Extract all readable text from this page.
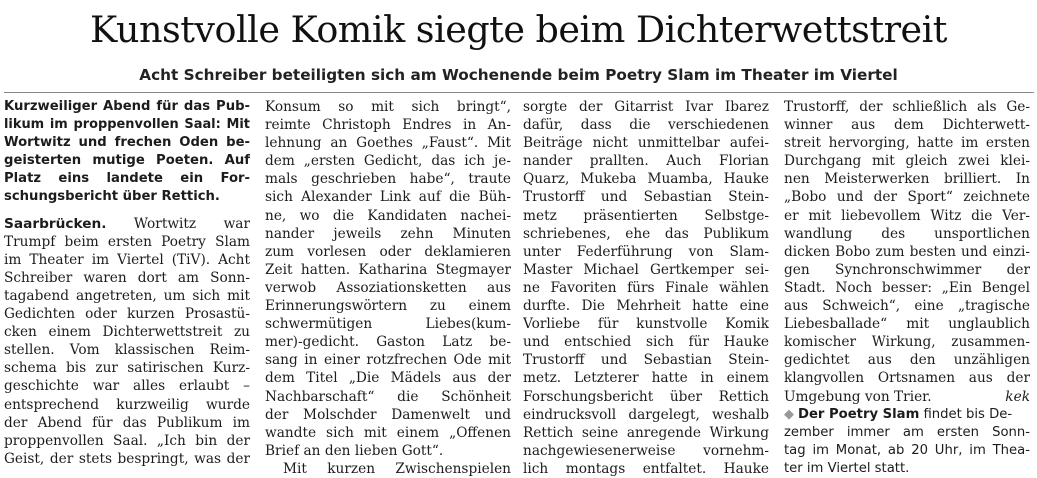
Kunstvolle Komik siegte beim Dichterwettstreit
Acht Schreiber beteiligten sich am Wochenende beim Poetry Slam im Theater im Viertel
Kurzweiliger Abend für das Pub-
likum im proppenvollen Saal: Mit
Wortwitz und frechen Oden be-
geisterten mutige Poeten. Auf
Platz eins landete ein For-
schungsbericht über Rettich.
Saarbrücken. Wortwitz war
Trumpf beim ersten Poetry Slam
im Theater im Viertel (TiV). Acht
Schreiber waren dort am Sonn-
tagabend angetreten, um sich mit
Gedichten oder kurzen Prosastü-
cken einem Dichterwettstreit zu
stellen. Vom klassischen Reim-
schema bis zur satirischen Kurz-
geschichte war alles erlaubt –
entsprechend kurzweilig wurde
der Abend für das Publikum im
proppenvollen Saal. „Ich bin der
Geist, der stets bespringt, was der
Konsum so mit sich bringt“,
reimte Christoph Endres in An-
lehnung an Goethes „Faust“. Mit
dem „ersten Gedicht, das ich je-
mals geschrieben habe“, traute
sich Alexander Link auf die Büh-
ne, wo die Kandidaten nachei-
nander jeweils zehn Minuten
zum vorlesen oder deklamieren
Zeit hatten. Katharina Stegmayer
verwob Assoziationsketten aus
Erinnerungswörtern zu einem
schwermütigen Liebes(kum-
mer)-gedicht. Gaston Latz be-
sang in einer rotzfrechen Ode mit
dem Titel „Die Mädels aus der
Nachbarschaft“ die Schönheit
der Molschder Damenwelt und
wandte sich mit einem „Offenen
Brief an den lieben Gott“.
Mit kurzen Zwischenspielen
sorgte der Gitarrist Ivar Ibarez
dafür, dass die verschiedenen
Beiträge nicht unmittelbar aufei-
nander prallten. Auch Florian
Quarz, Mukeba Muamba, Hauke
Trustorff und Sebastian Stein-
metz präsentierten Selbstge-
schriebenes, ehe das Publikum
unter Federführung von Slam-
Master Michael Gertkemper sei-
ne Favoriten fürs Finale wählen
durfte. Die Mehrheit hatte eine
Vorliebe für kunstvolle Komik
und entschied sich für Hauke
Trustorff und Sebastian Stein-
metz. Letzterer hatte in einem
Forschungsbericht über Rettich
eindrucksvoll dargelegt, weshalb
Rettich seine anregende Wirkung
nachgewiesenerweise vornehm-
lich montags entfaltet. Hauke
Trustorff, der schließlich als Ge-
winner aus dem Dichterwett-
streit hervorging, hatte im ersten
Durchgang mit gleich zwei klei-
nen Meisterwerken brilliert. In
„Bobo und der Sport“ zeichnete
er mit liebevollem Witz die Ver-
wandlung des unsportlichen
dicken Bobo zum besten und einzi-
gen Synchronschwimmer der
Stadt. Noch besser: „Ein Bengel
aus Schweich“, eine „tragische
Liebesballade“ mit unglaublich
komischer Wirkung, zusammen-
gedichtet aus den unzähligen
klangvollen Ortsnamen aus der
Umgebung von Trier.	kek
◆ Der Poetry Slam findet bis De-
zember immer am ersten Sonn-
tag im Monat, ab 20 Uhr, im Thea-
ter im Viertel statt.
